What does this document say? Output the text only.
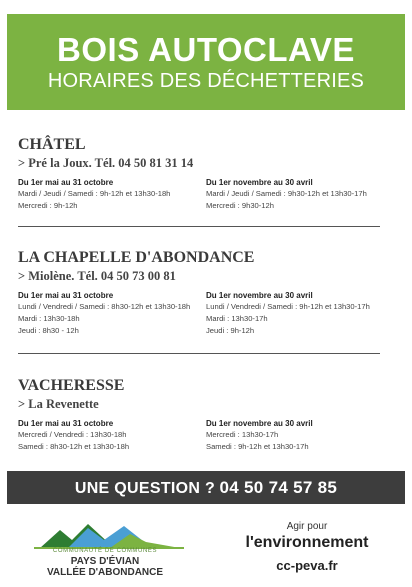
BOIS AUTOCLAVE
HORAIRES DES DÉCHETTERIES
CHÂTEL
> Pré la Joux. Tél. 04 50 81 31 14
Du 1er mai au 31 octobre
Mardi / Jeudi / Samedi : 9h-12h et 13h30-18h
Mercredi : 9h-12h
Du 1er novembre au 30 avril
Mardi / Jeudi / Samedi : 9h30-12h et 13h30-17h
Mercredi : 9h30-12h
LA CHAPELLE D'ABONDANCE
> Miolène. Tél. 04 50 73 00 81
Du 1er mai au 31 octobre
Lundi / Vendredi / Samedi : 8h30-12h et 13h30-18h
Mardi : 13h30-18h
Jeudi : 8h30 - 12h
Du 1er novembre au 30 avril
Lundi / Vendredi / Samedi : 9h-12h et 13h30-17h
Mardi : 13h30-17h
Jeudi : 9h-12h
VACHERESSE
> La Revenette
Du 1er mai au 31 octobre
Mercredi / Vendredi : 13h30-18h
Samedi : 8h30-12h et 13h30-18h
Du 1er novembre au 30 avril
Mercredi : 13h30-17h
Samedi : 9h-12h et 13h30-17h
UNE QUESTION ? 04 50 74 57 85
COMMUNAUTÉ DE COMMUNES
PAYS D'ÉVIAN
VALLÉE D'ABONDANCE
Agir pour
l'environnement
cc-peva.fr
